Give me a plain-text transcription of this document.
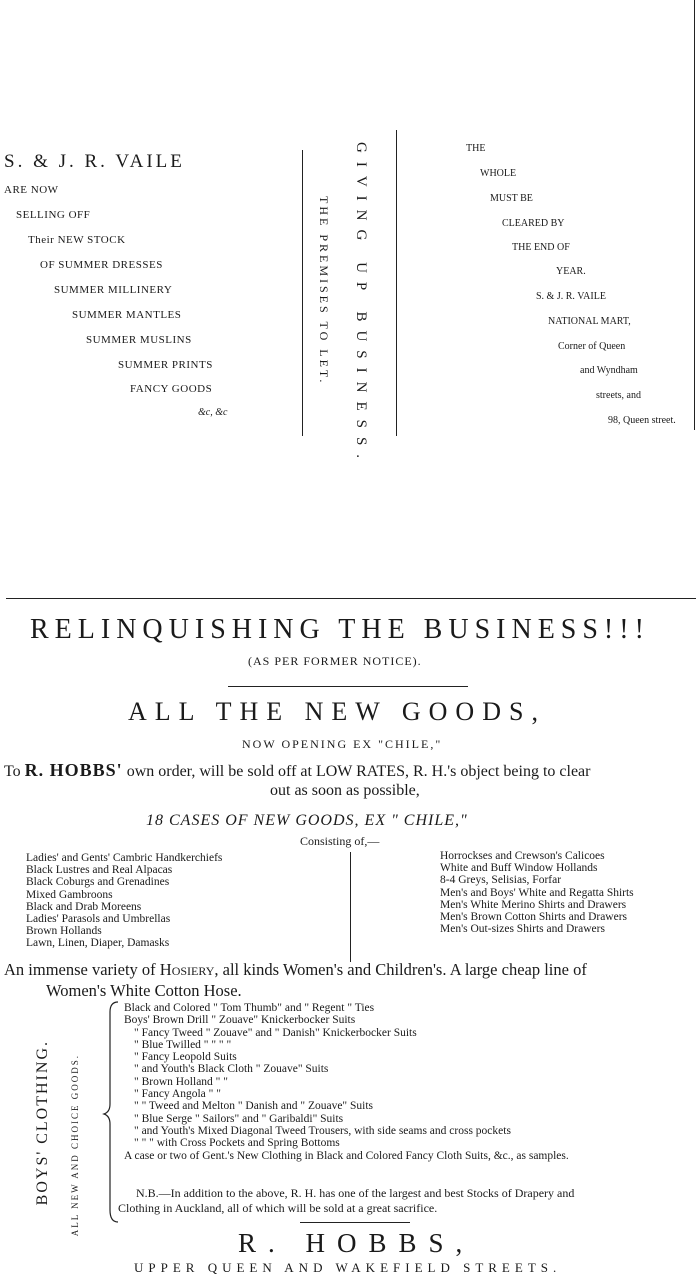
S. & J. R. VAILE
ARE NOW
SELLING OFF
Their NEW STOCK
OF SUMMER DRESSES
SUMMER MILLINERY
SUMMER MANTLES
SUMMER MUSLINS
SUMMER PRINTS
FANCY GOODS
&c, &c
THE PREMISES TO LET. GIVING UP BUSINESS.	THE
WHOLE
MUST BE
CLEARED BY
THE END OF
YEAR.
S. & J. R. VAILE
NATIONAL MART,
Corner of Queen
and Wyndham
streets, and
98, Queen street.
RELINQUISHING THE BUSINESS!!!
(AS PER FORMER NOTICE).
ALL THE NEW GOODS,
NOW OPENING EX "CHILE,"
To R. HOBBS' own order, will be sold off at LOW RATES, R. H.'s object being to clear
out as soon as possible,
18 CASES OF NEW GOODS, EX " CHILE,"
Consisting of,—
Ladies' and Gents' Cambric Handkerchiefs
Black Lustres and Real Alpacas
Black Coburgs and Grenadines
Mixed Gambroons
Black and Drab Moreens
Ladies' Parasols and Umbrellas
Brown Hollands
Lawn, Linen, Diaper, Damasks
Horrockses and Crewson's Calicoes
White and Buff Window Hollands
8-4 Greys, Selisias, Forfar
Men's and Boys' White and Regatta Shirts
Men's White Merino Shirts and Drawers
Men's Brown Cotton Shirts and Drawers
Men's Out-sizes Shirts and Drawers
An immense variety of Hosiery, all kinds Women's and Children's. A large cheap line of
Women's White Cotton Hose.
BOYS' CLOTHING. ALL NEW AND CHOICE GOODS.
Black and Colored " Tom Thumb" and " Regent " Ties
Boys' Brown Drill " Zouave" Knickerbocker Suits
" Fancy Tweed " Zouave" and " Danish" Knickerbocker Suits
" Blue Twilled " " " "
" Fancy Leopold Suits
" and Youth's Black Cloth " Zouave" Suits
" Brown Holland " "
" Fancy Angola " "
" " Tweed and Melton " Danish and " Zouave" Suits
" Blue Serge " Sailors" and " Garibaldi" Suits
" and Youth's Mixed Diagonal Tweed Trousers, with side seams and cross pockets
" " " with Cross Pockets and Spring Bottoms
A case or two of Gent.'s New Clothing in Black and Colored Fancy Cloth Suits, &c., as samples.
N.B.—In addition to the above, R. H. has one of the largest and best Stocks of Drapery and
Clothing in Auckland, all of which will be sold at a great sacrifice.
R. HOBBS,
UPPER QUEEN AND WAKEFIELD STREETS.
